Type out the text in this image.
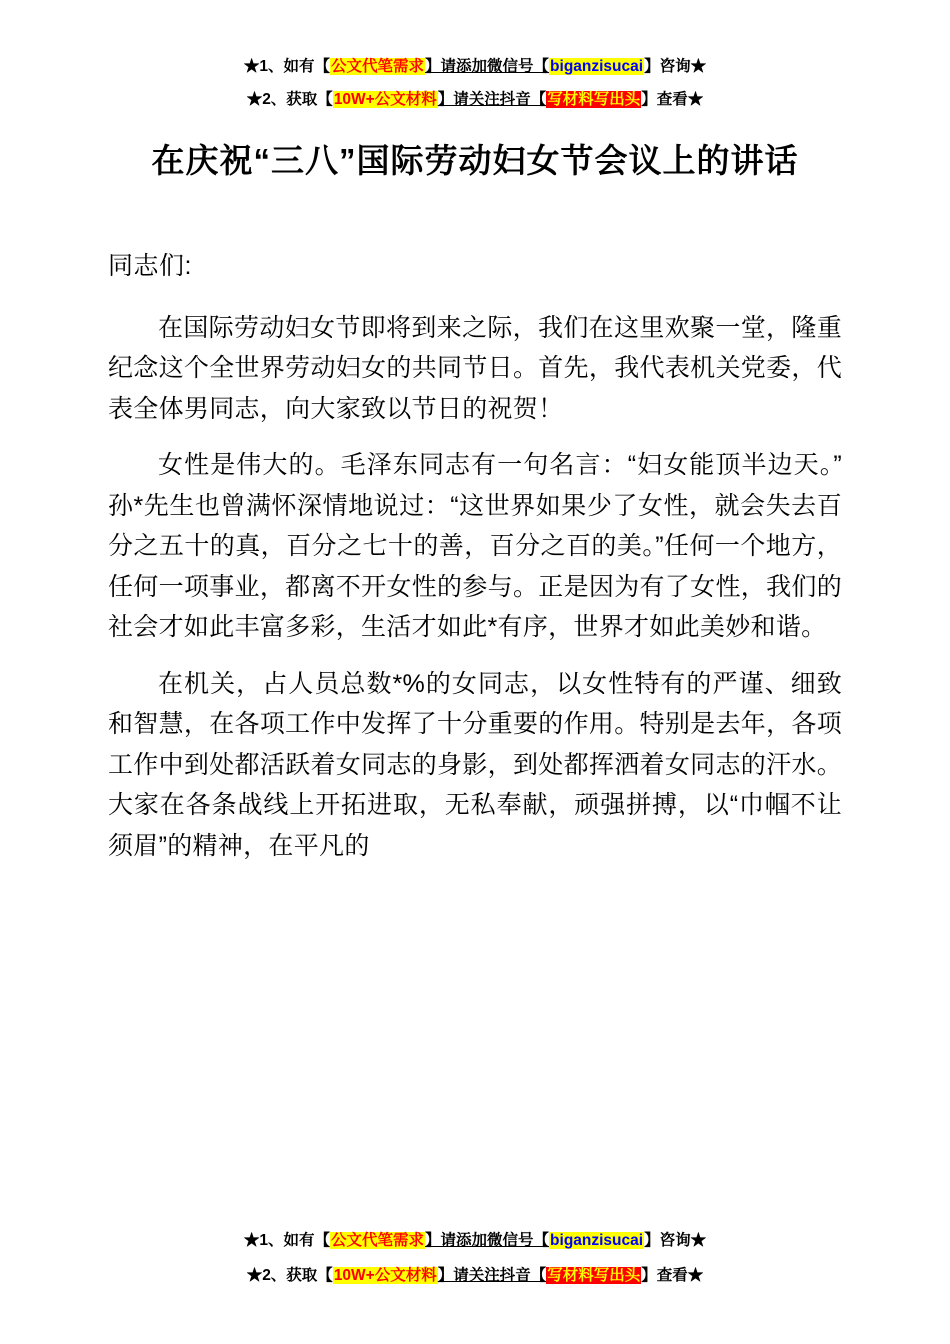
★1、如有【公文代笔需求】请添加微信号【biganzisucai】咨询★
★2、获取【10W+公文材料】请关注抖音【写材料写出头】查看★
在庆祝“三八”国际劳动妇女节会议上的讲话

同志们:

在国际劳动妇女节即将到来之际，我们在这里欢聚一堂，隆重纪念这个全世界劳动妇女的共同节日。首先，我代表机关党委，代表全体男同志，向大家致以节日的祝贺！

女性是伟大的。毛泽东同志有一句名言：“妇女能顶半边天。”孙*先生也曾满怀深情地说过：“这世界如果少了女性，就会失去百分之五十的真，百分之七十的善，百分之百的美。”任何一个地方，任何一项事业，都离不开女性的参与。正是因为有了女性，我们的社会才如此丰富多彩，生活才如此*有序，世界才如此美妙和谐。

在机关，占人员总数*%的女同志，以女性特有的严谨、细致和智慧，在各项工作中发挥了十分重要的作用。特别是去年，各项工作中到处都活跃着女同志的身影，到处都挥洒着女同志的汗水。大家在各条战线上开拓进取，无私奉献，顽强拼搏，以“巾帼不让须眉”的精神，在平凡的

★1、如有【公文代笔需求】请添加微信号【biganzisucai】咨询★
★2、获取【10W+公文材料】请关注抖音【写材料写出头】查看★
